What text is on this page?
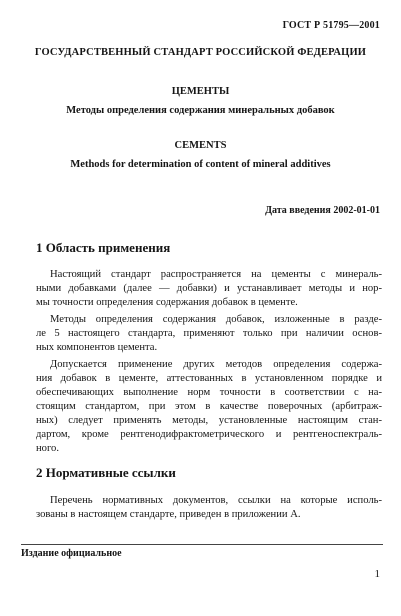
ГОСТ Р 51795—2001
ГОСУДАРСТВЕННЫЙ СТАНДАРТ РОССИЙСКОЙ ФЕДЕРАЦИИ
ЦЕМЕНТЫ
Методы определения содержания минеральных добавок
CEMENTS
Methods for determination of content of mineral additives
Дата введения 2002-01-01
1 Область применения
Настоящий стандарт распространяется на цементы с минераль-
ными добавками (далее — добавки) и устанавливает методы и нор-
мы точности определения содержания добавок в цементе.
Методы определения содержания добавок, изложенные в разде-
ле 5 настоящего стандарта, применяют только при наличии основ-
ных компонентов цемента.
Допускается применение других методов определения содержа-
ния добавок в цементе, аттестованных в установленном порядке и
обеспечивающих выполнение норм точности в соответствии с на-
стоящим стандартом, при этом в качестве поверочных (арбитраж-
ных) следует применять методы, установленные настоящим стан-
дартом, кроме рентгенодифрактометрического и рентгеноспектраль-
ного.
2 Нормативные ссылки
Перечень нормативных документов, ссылки на которые исполь-
зованы в настоящем стандарте, приведен в приложении А.
Издание официальное
1
